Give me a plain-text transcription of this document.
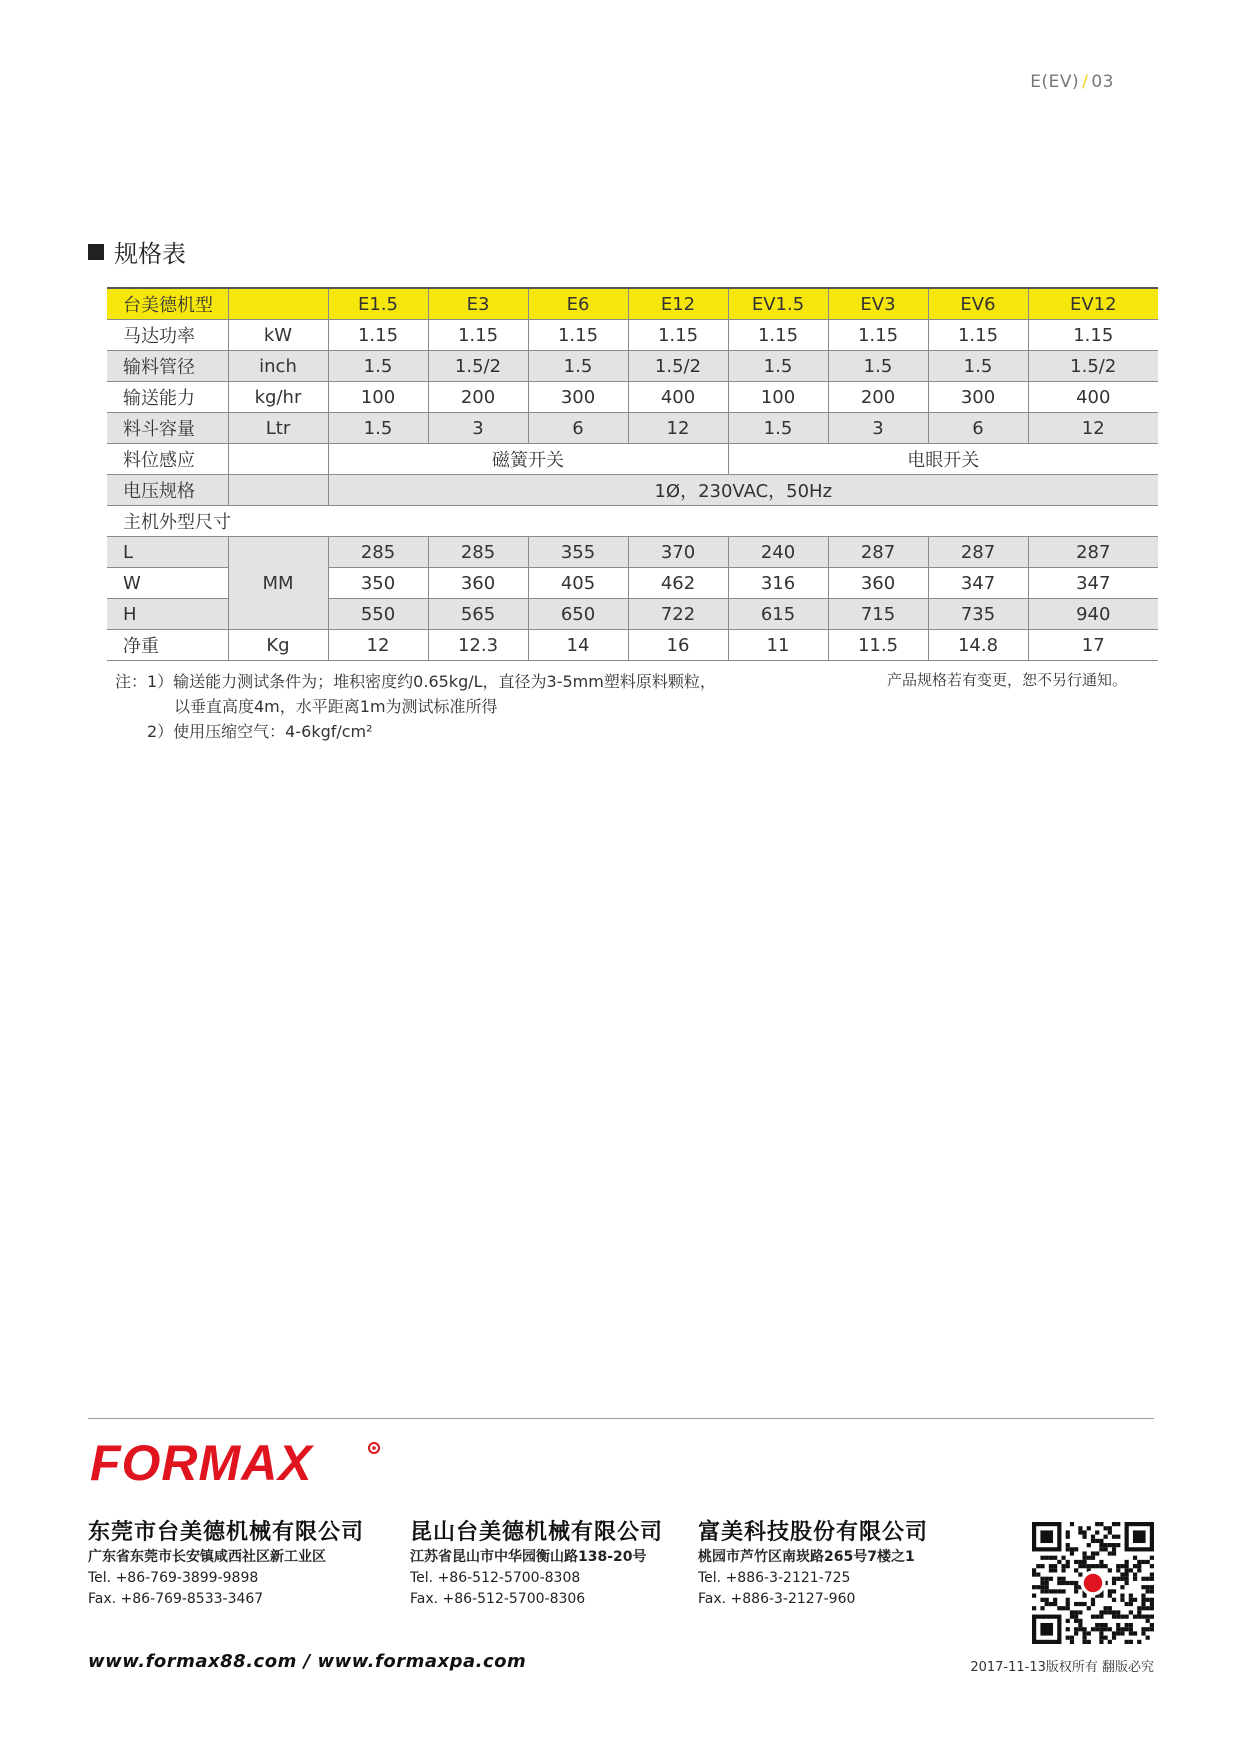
E(EV) / 03
规格表
台美德机型		E1.5	E3	E6	E12	EV1.5	EV3	EV6	EV12
马达功率	kW	1.15	1.15	1.15	1.15	1.15	1.15	1.15	1.15
输料管径	inch	1.5	1.5/2	1.5	1.5/2	1.5	1.5	1.5	1.5/2
输送能力	kg/hr	100	200	300	400	100	200	300	400
料斗容量	Ltr	1.5	3	6	12	1.5	3	6	12
料位感应		磁簧开关				电眼开关			
电压规格		1Ø，230VAC，50Hz							
主机外型尺寸									
L	MM	285	285	355	370	240	287	287	287
W		350	360	405	462	316	360	347	347
H		550	565	650	722	615	715	735	940
净重	Kg	12	12.3	14	16	11	11.5	14.8	17
注：1）输送能力测试条件为；堆积密度约0.65kg/L，直径为3-5mm塑料原料颗粒，
以垂直高度4m，水平距离1m为测试标准所得
2）使用压缩空气：4-6kgf/cm²
产品规格若有变更，恕不另行通知。
FORMAX
东莞市台美德机械有限公司
广东省东莞市长安镇咸西社区新工业区
Tel. +86-769-3899-9898
Fax. +86-769-8533-3467
昆山台美德机械有限公司
江苏省昆山市中华园衡山路138-20号
Tel. +86-512-5700-8308
Fax. +86-512-5700-8306
富美科技股份有限公司
桃园市芦竹区南崁路265号7楼之1
Tel. +886-3-2121-725
Fax. +886-3-2127-960
www.formax88.com / www.formaxpa.com	2017-11-13版权所有 翻版必究
